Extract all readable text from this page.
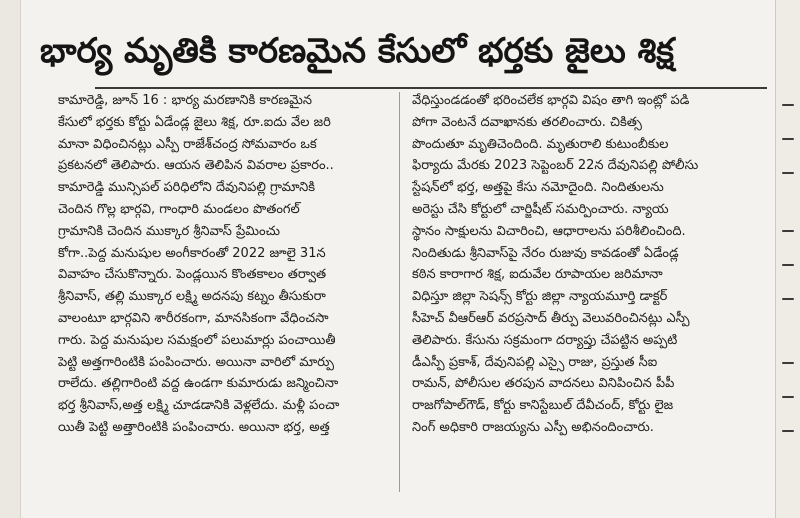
భార్య మృతికి కారణమైన కేసులో భర్తకు జైలు శిక్ష
కామారెడ్డి, జూన్ 16 : భార్య మరణానికి కారణమైన
కేసులో భర్తకు కోర్టు ఏడేండ్ల జైలు శిక్ష, రూ.ఐదు వేల జరి
మానా విధించినట్లు ఎస్పీ రాజేశ్‌చంద్ర సోమవారం ఒక
ప్రకటనలో తెలిపారు. ఆయన తెలిపిన వివరాల ప్రకారం..
కామారెడ్డి మున్సిపల్ పరిధిలోని దేవునిపల్లి గ్రామానికి
చెందిన గొల్ల భార్గవి, గాంధారి మండలం పొతంగల్
గ్రామానికి చెందిన ముక్కార శ్రీనివాస్ ప్రేమించు
కోగా..పెద్ద మనుషుల అంగీకారంతో 2022 జూలై 31న
వివాహం చేసుకొన్నారు. పెండ్లయిన కొంతకాలం తర్వాత
శ్రీనివాస్, తల్లి ముక్కార లక్ష్మి అదనపు కట్నం తీసుకురా
వాలంటూ భార్గవిని శారీరకంగా, మానసికంగా వేధించసా
గారు. పెద్ద మనుషుల సమక్షంలో పలుమార్లు పంచాయితీ
పెట్టి అత్తగారింటికి పంపించారు. అయినా వారిలో మార్పు
రాలేదు. తల్లిగారింటి వద్ద ఉండగా కుమారుడు జన్మించినా
భర్త శ్రీనివాస్,అత్త లక్ష్మి చూడడానికి వెళ్లలేదు. మళ్లీ పంచా
యితీ పెట్టి అత్తారింటికి పంపించారు. అయినా భర్త, అత్త
వేధిస్తుండడంతో భరించలేక భార్గవి విషం తాగి ఇంట్లో పడి
పోగా వెంటనే దవాఖానకు తరలించారు. చికిత్స
పొందుతూ మృతిచెందింది. మృతురాలి కుటుంబీకుల
ఫిర్యాదు మేరకు 2023 సెప్టెంబర్ 22న దేవునిపల్లి పోలీసు
స్టేషన్‌లో భర్త, అత్తపై కేసు నమోదైంది. నిందితులను
అరెస్టు చేసి కోర్టులో చార్జిషీట్ సమర్పించారు. న్యాయ
స్థానం సాక్షులను విచారించి, ఆధారాలను పరిశీలించింది.
నిందితుడు శ్రీనివాస్‌పై నేరం రుజువు కావడంతో ఏడేండ్ల
కఠిన కారాగార శిక్ష, ఐదువేల రూపాయల జరిమానా
విధిస్తూ జిల్లా సెషన్స్ కోర్టు జిల్లా న్యాయమూర్తి డాక్టర్
సీహెచ్ వీఆర్ఆర్ వరప్రసాద్ తీర్పు వెలువరించినట్లు ఎస్పీ
తెలిపారు. కేసును సక్రమంగా దర్యాప్తు చేపట్టిన అప్పటి
డీఎస్పీ ప్రకాశ్, దేవునిపల్లి ఎస్సై రాజు, ప్రస్తుత సీఐ
రామన్, పోలీసుల తరపున వాదనలు వినిపించిన పీపీ
రాజగోపాల్‌గౌడ్, కోర్టు కానిస్టేబుల్ దేవీచంద్, కోర్టు లైజ
నింగ్ అధికారి రాజయ్యను ఎస్పీ అభినందించారు.
